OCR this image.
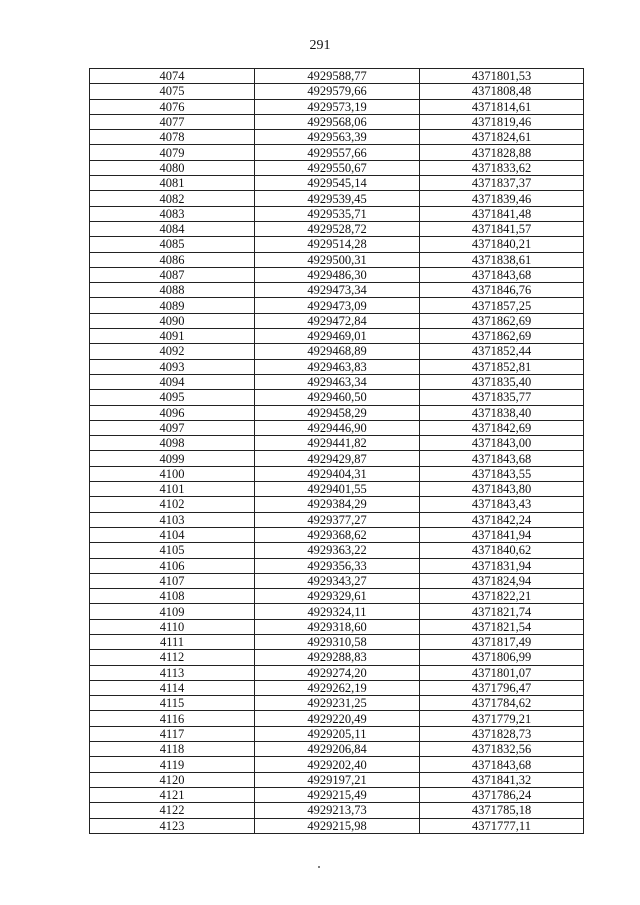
291
4074	4929588,77	4371801,53
4075	4929579,66	4371808,48
4076	4929573,19	4371814,61
4077	4929568,06	4371819,46
4078	4929563,39	4371824,61
4079	4929557,66	4371828,88
4080	4929550,67	4371833,62
4081	4929545,14	4371837,37
4082	4929539,45	4371839,46
4083	4929535,71	4371841,48
4084	4929528,72	4371841,57
4085	4929514,28	4371840,21
4086	4929500,31	4371838,61
4087	4929486,30	4371843,68
4088	4929473,34	4371846,76
4089	4929473,09	4371857,25
4090	4929472,84	4371862,69
4091	4929469,01	4371862,69
4092	4929468,89	4371852,44
4093	4929463,83	4371852,81
4094	4929463,34	4371835,40
4095	4929460,50	4371835,77
4096	4929458,29	4371838,40
4097	4929446,90	4371842,69
4098	4929441,82	4371843,00
4099	4929429,87	4371843,68
4100	4929404,31	4371843,55
4101	4929401,55	4371843,80
4102	4929384,29	4371843,43
4103	4929377,27	4371842,24
4104	4929368,62	4371841,94
4105	4929363,22	4371840,62
4106	4929356,33	4371831,94
4107	4929343,27	4371824,94
4108	4929329,61	4371822,21
4109	4929324,11	4371821,74
4110	4929318,60	4371821,54
4111	4929310,58	4371817,49
4112	4929288,83	4371806,99
4113	4929274,20	4371801,07
4114	4929262,19	4371796,47
4115	4929231,25	4371784,62
4116	4929220,49	4371779,21
4117	4929205,11	4371828,73
4118	4929206,84	4371832,56
4119	4929202,40	4371843,68
4120	4929197,21	4371841,32
4121	4929215,49	4371786,24
4122	4929213,73	4371785,18
4123	4929215,98	4371777,11
